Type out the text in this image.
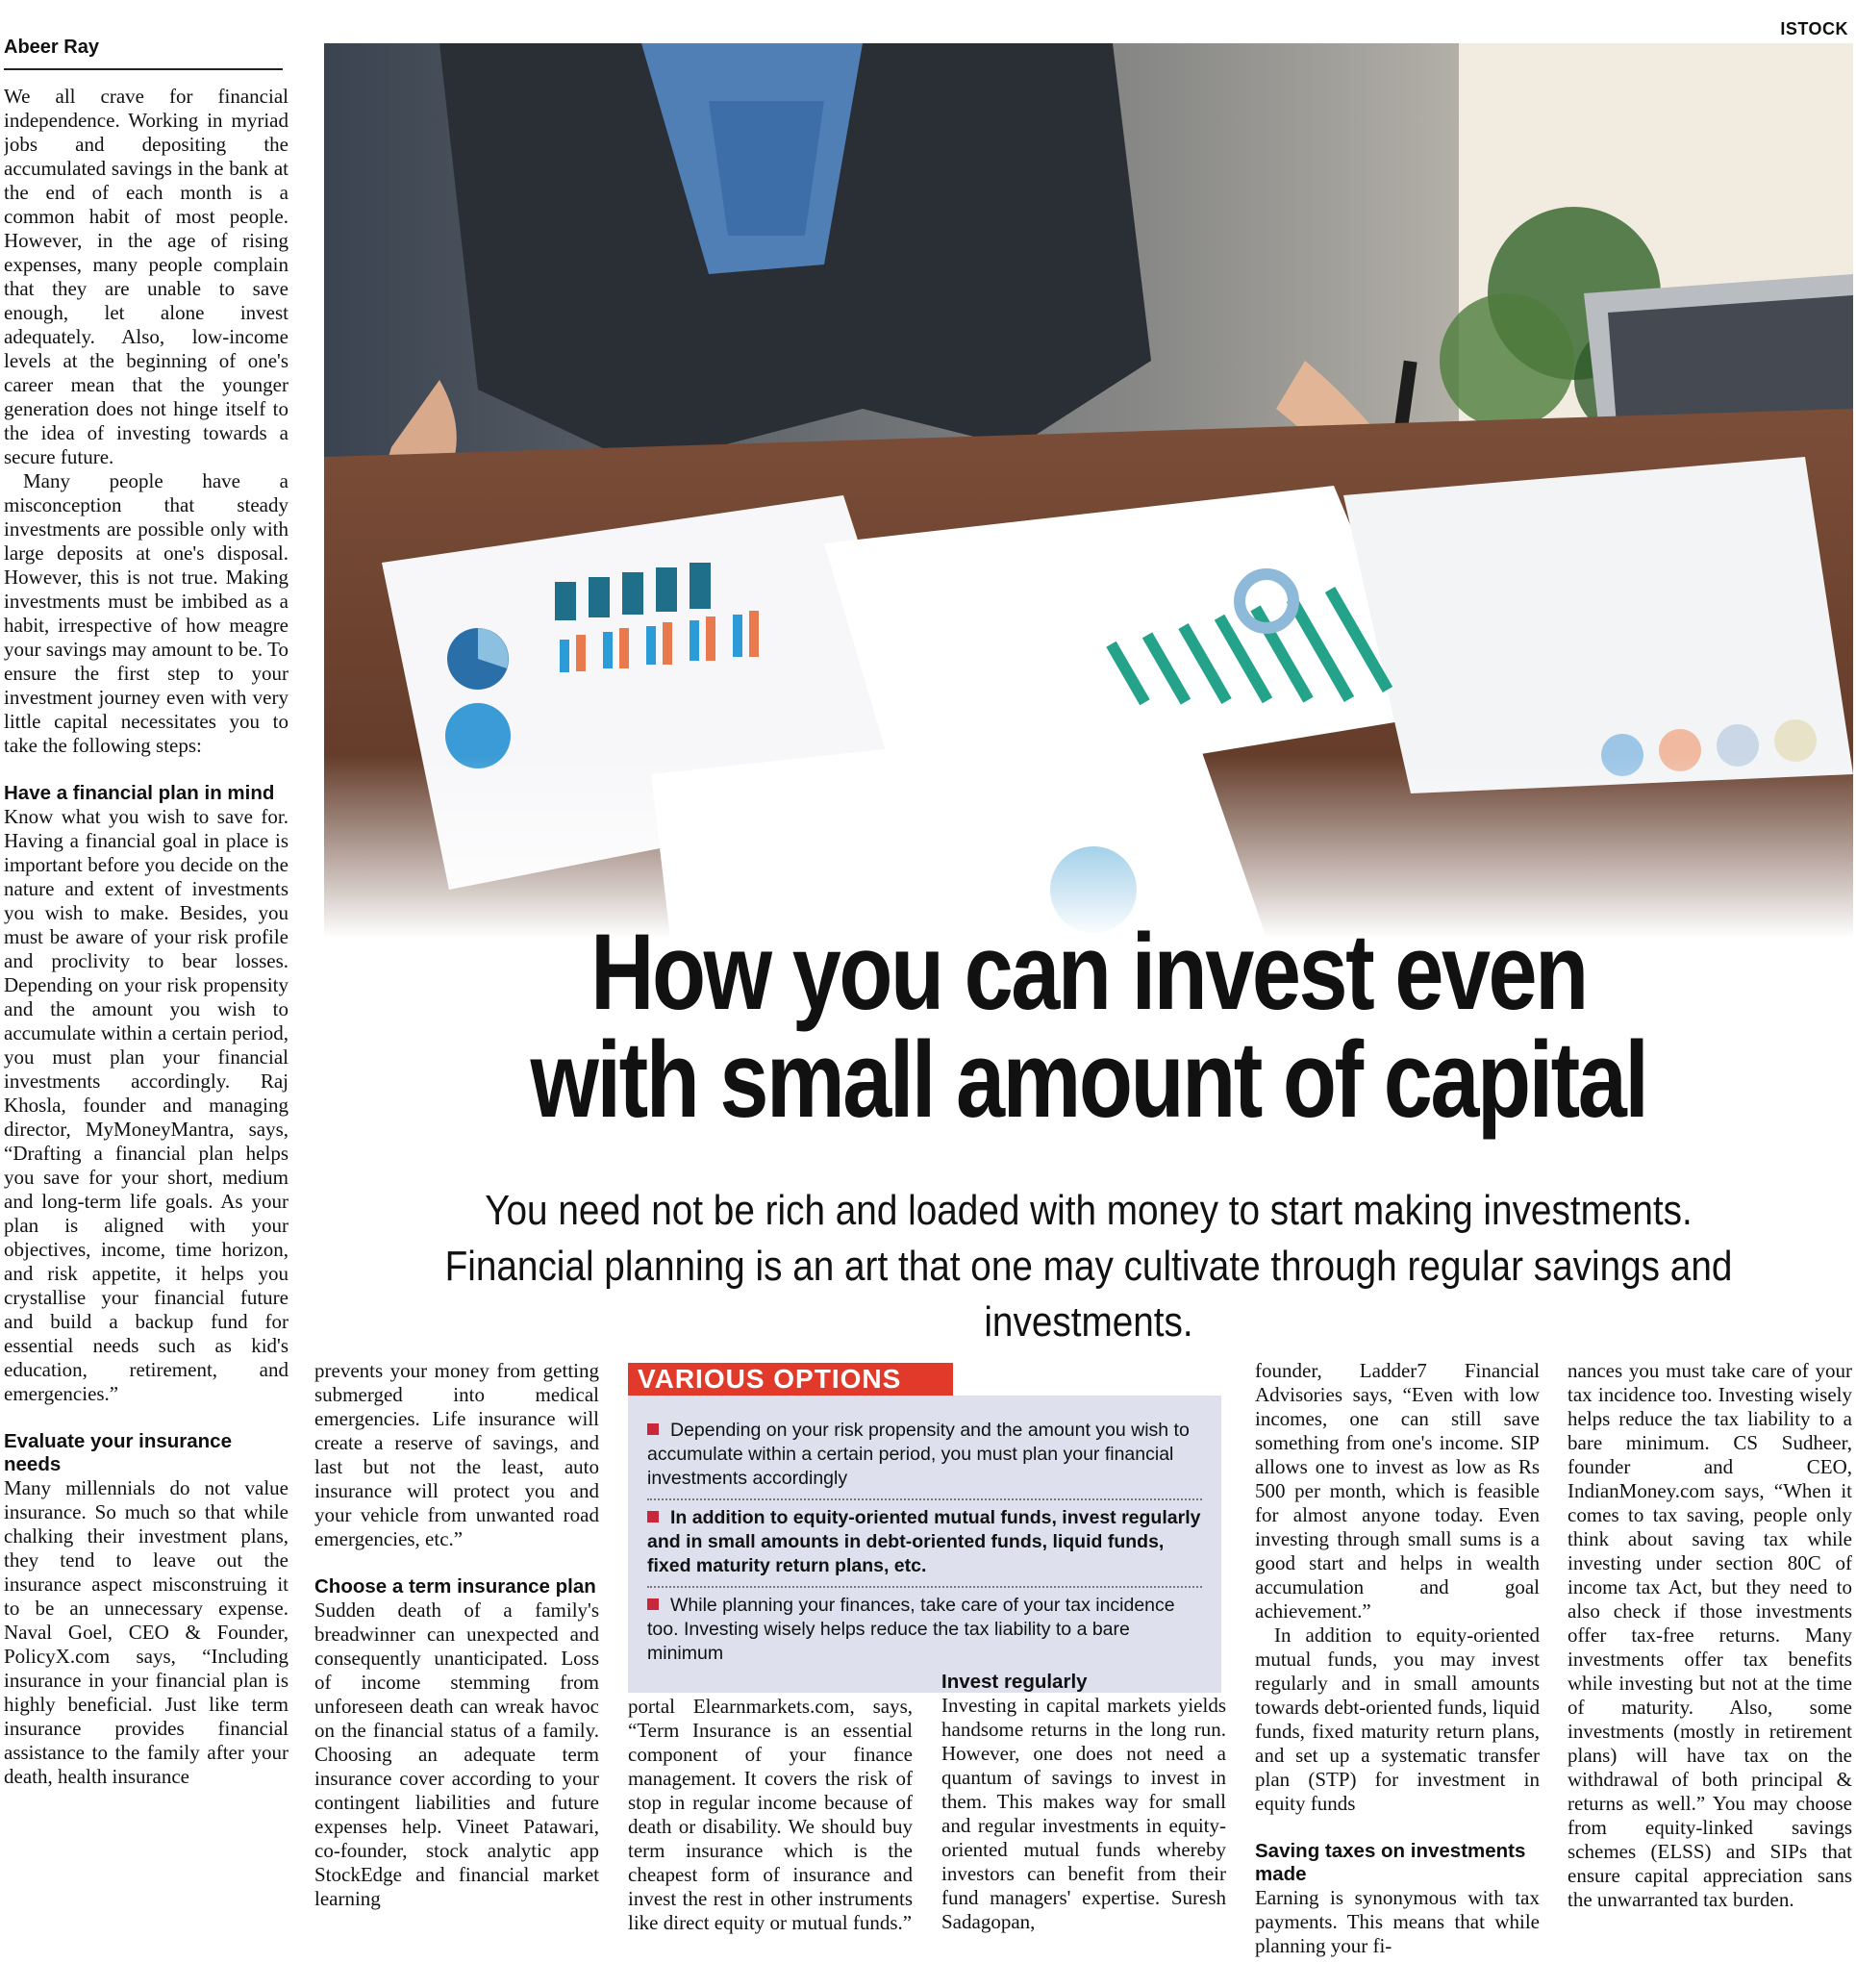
ISTOCK
Abeer Ray
How you can invest even
with small amount of capital
You need not be rich and loaded with money to start making investments.
Financial planning is an art that one may cultivate through regular savings and investments.

We all crave for financial independence. Working in myriad jobs and depositing the accumulated savings in the bank at the end of each month is a common habit of most people. However, in the age of rising expenses, many people complain that they are unable to save enough, let alone invest adequately. Also, low-income levels at the beginning of one's career mean that the younger generation does not hinge itself to the idea of investing towards a secure future.

Many people have a misconception that steady investments are possible only with large deposits at one's disposal. However, this is not true. Making investments must be imbibed as a habit, irrespective of how meagre your savings may amount to be. To ensure the first step to your investment journey even with very little capital necessitates you to take the following steps:

Have a financial plan in mind

Know what you wish to save for. Having a financial goal in place is important before you decide on the nature and extent of investments you wish to make. Besides, you must be aware of your risk profile and proclivity to bear losses. Depending on your risk propensity and the amount you wish to accumulate within a certain period, you must plan your financial investments accordingly. Raj Khosla, founder and managing director, MyMoneyMantra, says, “Drafting a financial plan helps you save for your short, medium and long-term life goals. As your plan is aligned with your objectives, income, time horizon, and risk appetite, it helps you crystallise your financial future and build a backup fund for essential needs such as kid's education, retirement, and emergencies.”

Evaluate your insurance needs

Many millennials do not value insurance. So much so that while chalking their investment plans, they tend to leave out the insurance aspect misconstruing it to be an unnecessary expense. Naval Goel, CEO & Founder, PolicyX.com says, “Including insurance in your financial plan is highly beneficial. Just like term insurance provides financial assistance to the family after your death, health insurance

prevents your money from getting submerged into medical emergencies. Life insurance will create a reserve of savings, and last but not the least, auto insurance will protect you and your vehicle from unwanted road emergencies, etc.”

Choose a term insurance plan

Sudden death of a family's breadwinner can unexpected and consequently unanticipated. Loss of income stemming from unforeseen death can wreak havoc on the financial status of a family. Choosing an adequate term insurance cover according to your contingent liabilities and future expenses help. Vineet Patawari, co-founder, stock analytic app StockEdge and financial market learning

VARIOUS OPTIONS
Depending on your risk propensity and the amount you wish to accumulate within a certain period, you must plan your financial investments accordingly
In addition to equity-oriented mutual funds, invest regularly and in small amounts in debt-oriented funds, liquid funds, fixed maturity return plans, etc.
While planning your finances, take care of your tax incidence too. Investing wisely helps reduce the tax liability to a bare minimum

portal Elearnmarkets.com, says, “Term Insurance is an essential component of your finance management. It covers the risk of stop in regular income because of death or disability. We should buy term insurance which is the cheapest form of insurance and invest the rest in other instruments like direct equity or mutual funds.”

Invest regularly

Investing in capital markets yields handsome returns in the long run. However, one does not need a quantum of savings to invest in them. This makes way for small and regular investments in equity-oriented mutual funds whereby investors can benefit from their fund managers' expertise. Suresh Sadagopan,

founder, Ladder7 Financial Advisories says, “Even with low incomes, one can still save something from one's income. SIP allows one to invest as low as Rs 500 per month, which is feasible for almost anyone today. Even investing through small sums is a good start and helps in wealth accumulation and goal achievement.”

In addition to equity-oriented mutual funds, you may invest regularly and in small amounts towards debt-oriented funds, liquid funds, fixed maturity return plans, and set up a systematic transfer plan (STP) for investment in equity funds

Saving taxes on investments made

Earning is synonymous with tax payments. This means that while planning your fi-

nances you must take care of your tax incidence too. Investing wisely helps reduce the tax liability to a bare minimum. CS Sudheer, founder and CEO, IndianMoney.com says, “When it comes to tax saving, people only think about saving tax while investing under section 80C of income tax Act, but they need to also check if those investments offer tax-free returns. Many investments offer tax benefits while investing but not at the time of maturity. Also, some investments (mostly in retirement plans) will have tax on the withdrawal of both principal & returns as well.” You may choose from equity-linked savings schemes (ELSS) and SIPs that ensure capital appreciation sans the unwarranted tax burden.
